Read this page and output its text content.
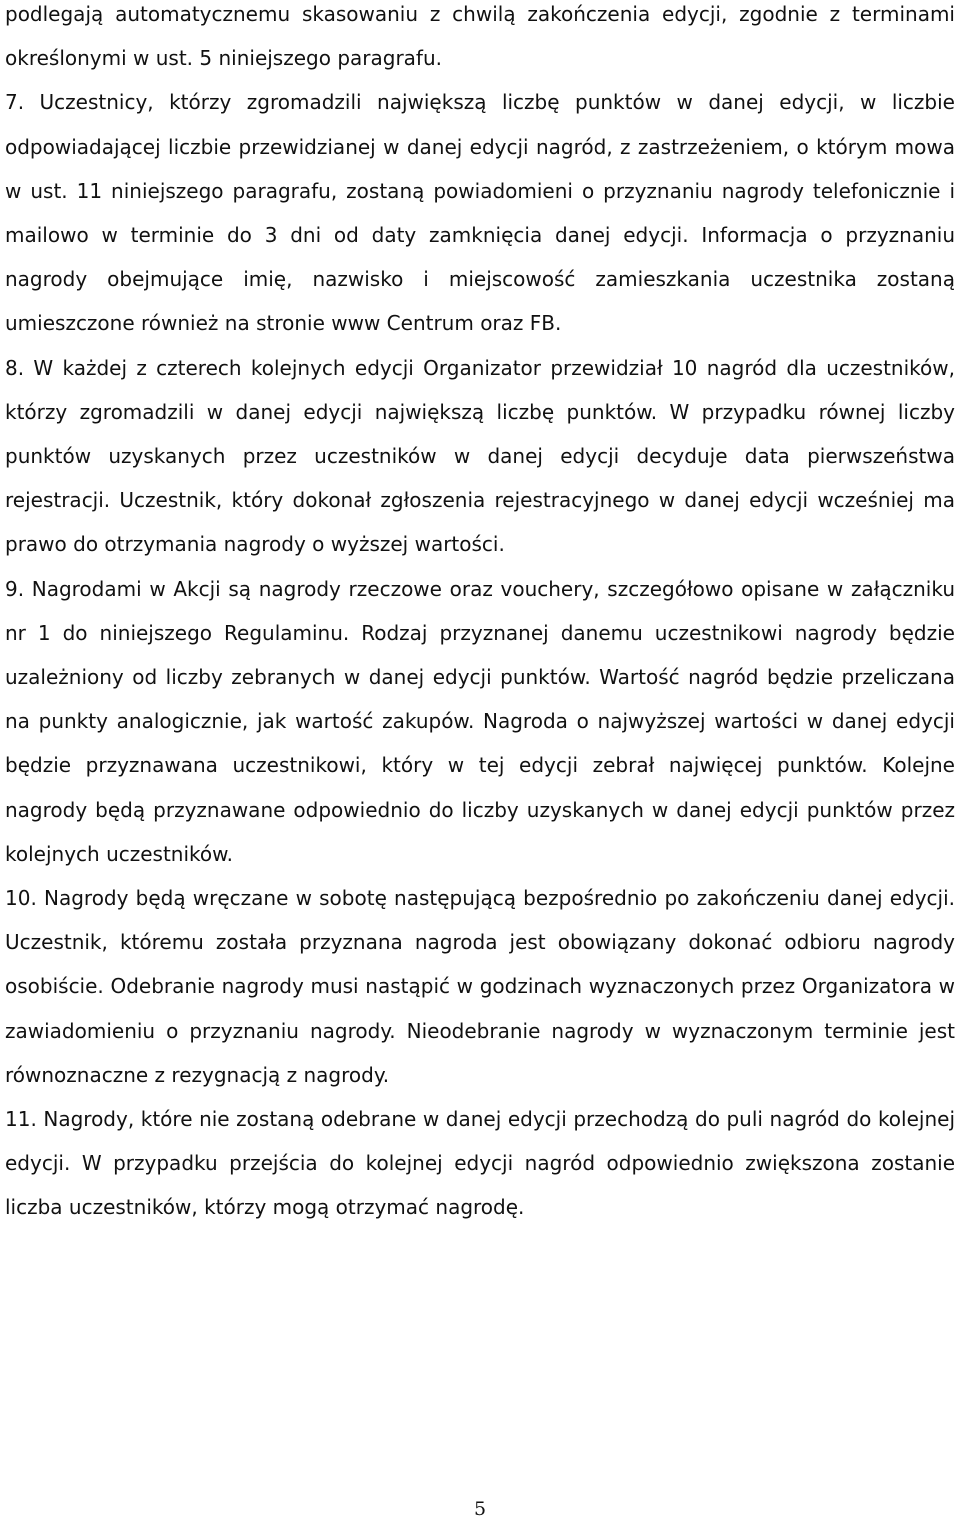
podlegają automatycznemu skasowaniu z chwilą zakończenia edycji, zgodnie z terminami określonymi w ust. 5 niniejszego paragrafu.

7. Uczestnicy, którzy zgromadzili największą liczbę punktów w danej edycji, w liczbie odpowiadającej liczbie przewidzianej w danej edycji nagród, z zastrzeżeniem, o którym mowa w ust. 11 niniejszego paragrafu, zostaną powiadomieni o przyznaniu nagrody telefonicznie i mailowo w terminie do 3 dni od daty zamknięcia danej edycji. Informacja o przyznaniu nagrody obejmujące imię, nazwisko i miejscowość zamieszkania uczestnika zostaną umieszczone również na stronie www Centrum oraz FB.

8. W każdej z czterech kolejnych edycji Organizator przewidział 10 nagród dla uczestników, którzy zgromadzili w danej edycji największą liczbę punktów. W przypadku równej liczby punktów uzyskanych przez uczestników w danej edycji decyduje data pierwszeństwa rejestracji. Uczestnik, który dokonał zgłoszenia rejestracyjnego w danej edycji wcześniej ma prawo do otrzymania nagrody o wyższej wartości.

9. Nagrodami w Akcji są nagrody rzeczowe oraz vouchery, szczegółowo opisane w załączniku nr 1 do niniejszego Regulaminu. Rodzaj przyznanej danemu uczestnikowi nagrody będzie uzależniony od liczby zebranych w danej edycji punktów. Wartość nagród będzie przeliczana na punkty analogicznie, jak wartość zakupów. Nagroda o najwyższej wartości w danej edycji będzie przyznawana uczestnikowi, który w tej edycji zebrał najwięcej punktów. Kolejne nagrody będą przyznawane odpowiednio do liczby uzyskanych w danej edycji punktów przez kolejnych uczestników.

10. Nagrody będą wręczane w sobotę następującą bezpośrednio po zakończeniu danej edycji. Uczestnik, któremu została przyznana nagroda jest obowiązany dokonać odbioru nagrody osobiście. Odebranie nagrody musi nastąpić w godzinach wyznaczonych przez Organizatora w zawiadomieniu o przyznaniu nagrody. Nieodebranie nagrody w wyznaczonym terminie jest równoznaczne z rezygnacją z nagrody.

11. Nagrody, które nie zostaną odebrane w danej edycji przechodzą do puli nagród do kolejnej edycji. W przypadku przejścia do kolejnej edycji nagród odpowiednio zwiększona zostanie liczba uczestników, którzy mogą otrzymać nagrodę.

5
